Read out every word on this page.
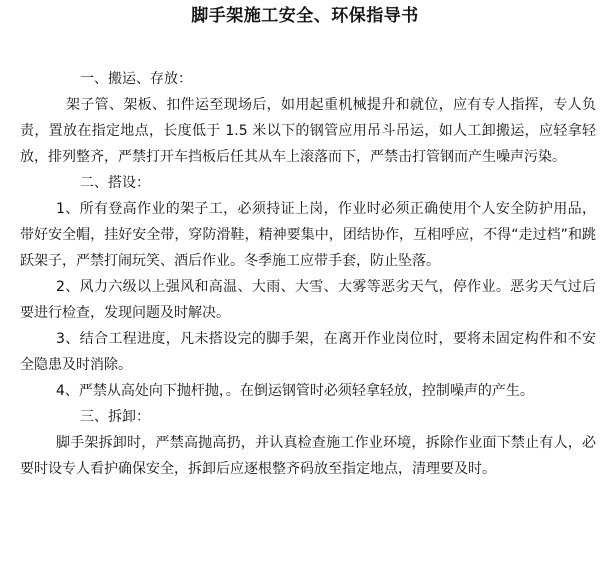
脚手架施工安全、环保指导书

一、搬运、存放：

架子管、架板、扣件运至现场后，如用起重机械提升和就位，应有专人指挥，专人负责，置放在指定地点，长度低于 1.5 米以下的钢管应用吊斗吊运，如人工卸搬运，应轻拿轻放，排列整齐，严禁打开车挡板后任其从车上滚落而下，严禁击打管钢而产生噪声污染。

二、搭设：

1、所有登高作业的架子工，必须持证上岗，作业时必须正确使用个人安全防护用品，带好安全帽，挂好安全带，穿防滑鞋，精神要集中，团结协作，互相呼应，不得“走过档”和跳跃架子，严禁打闹玩笑、酒后作业。冬季施工应带手套，防止坠落。

2、风力六级以上强风和高温、大雨、大雪、大雾等恶劣天气，停作业。恶劣天气过后要进行检查，发现问题及时解决。

3、结合工程进度，凡未搭设完的脚手架，在离开作业岗位时，要将未固定构件和不安全隐患及时消除。

4、严禁从高处向下抛杆抛，。在倒运钢管时必须轻拿轻放，控制噪声的产生。

三、拆卸：

脚手架拆卸时，严禁高抛高扔，并认真检查施工作业环境，拆除作业面下禁止有人，必要时设专人看护确保安全，拆卸后应逐根整齐码放至指定地点，清理要及时。
